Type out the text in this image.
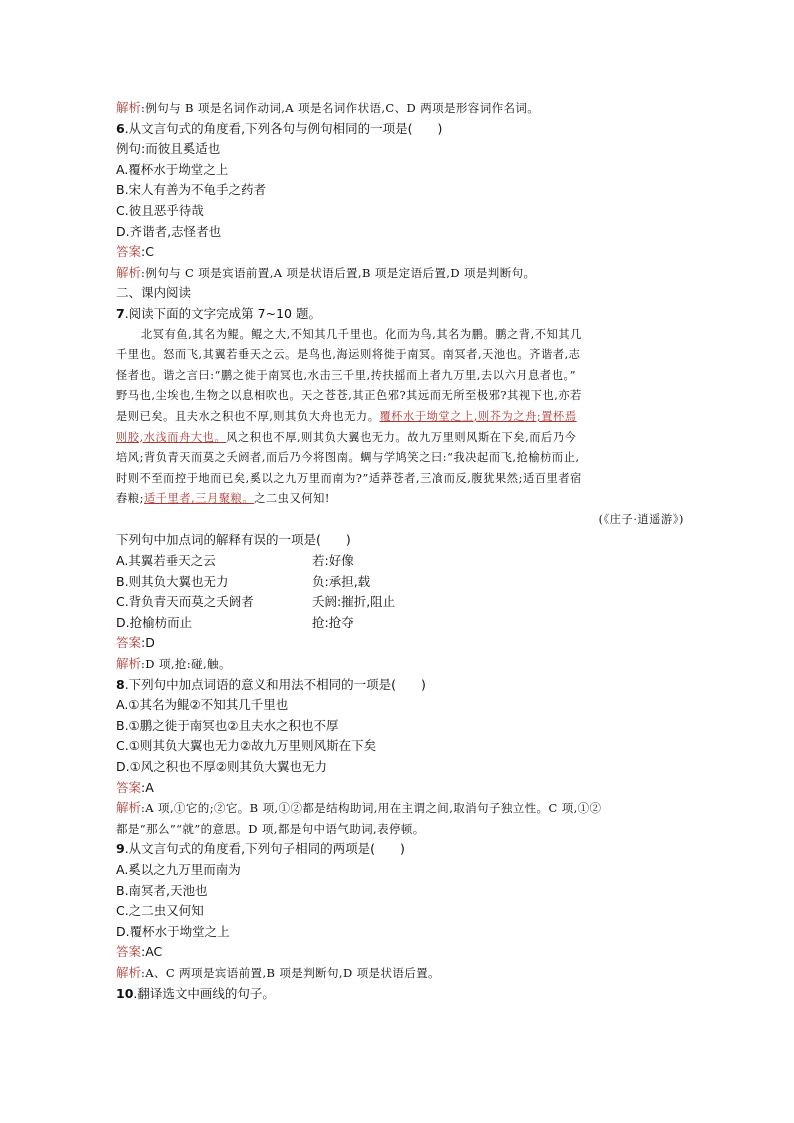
解析:例句与 B 项是名词作动词,A 项是名词作状语,C、D 两项是形容词作名词。
6.从文言句式的角度看,下列各句与例句相同的一项是(　　)
例句:而彼且奚适也
A.覆杯水于坳堂之上
B.宋人有善为不龟手之药者
C.彼且恶乎待哉
D.齐谐者,志怪者也
答案:C
解析:例句与 C 项是宾语前置,A 项是状语后置,B 项是定语后置,D 项是判断句。
二、课内阅读
7.阅读下面的文字完成第 7~10 题。
北冥有鱼,其名为鲲。鲲之大,不知其几千里也。化而为鸟,其名为鹏。鹏之背,不知其几
千里也。怒而飞,其翼若垂天之云。是鸟也,海运则将徙于南冥。南冥者,天池也。齐谐者,志
怪者也。谐之言曰:“鹏之徙于南冥也,水击三千里,抟扶摇而上者九万里,去以六月息者也。”
野马也,尘埃也,生物之以息相吹也。天之苍苍,其正色邪?其远而无所至极邪?其视下也,亦若
是则已矣。且夫水之积也不厚,则其负大舟也无力。覆杯水于坳堂之上,则芥为之舟;置杯焉
则胶,水浅而舟大也。风之积也不厚,则其负大翼也无力。故九万里则风斯在下矣,而后乃今
培风;背负青天而莫之夭阏者,而后乃今将图南。蜩与学鸠笑之曰:“我决起而飞,抢榆枋而止,
时则不至而控于地而已矣,奚以之九万里而南为?”适莽苍者,三飡而反,腹犹果然;适百里者宿
舂粮;适千里者,三月聚粮。之二虫又何知!
(《庄子·逍遥游》)
下列句中加点词的解释有误的一项是(　　)
A.其翼若垂天之云	若:好像
B.则其负大翼也无力	负:承担,载
C.背负青天而莫之夭阏者	夭阏:摧折,阻止
D.抢榆枋而止	抢:抢夺
答案:D
解析:D 项,抢:碰,触。
8.下列句中加点词语的意义和用法不相同的一项是(　　)
A.①其名为鲲②不知其几千里也
B.①鹏之徙于南冥也②且夫水之积也不厚
C.①则其负大翼也无力②故九万里则风斯在下矣
D.①风之积也不厚②则其负大翼也无力
答案:A
解析:A 项,①它的;②它。B 项,①②都是结构助词,用在主谓之间,取消句子独立性。C 项,①②
都是“那么”“就”的意思。D 项,都是句中语气助词,表停顿。
9.从文言句式的角度看,下列句子相同的两项是(　　)
A.奚以之九万里而南为
B.南冥者,天池也
C.之二虫又何知
D.覆杯水于坳堂之上
答案:AC
解析:A、C 两项是宾语前置,B 项是判断句,D 项是状语后置。
10.翻译选文中画线的句子。
